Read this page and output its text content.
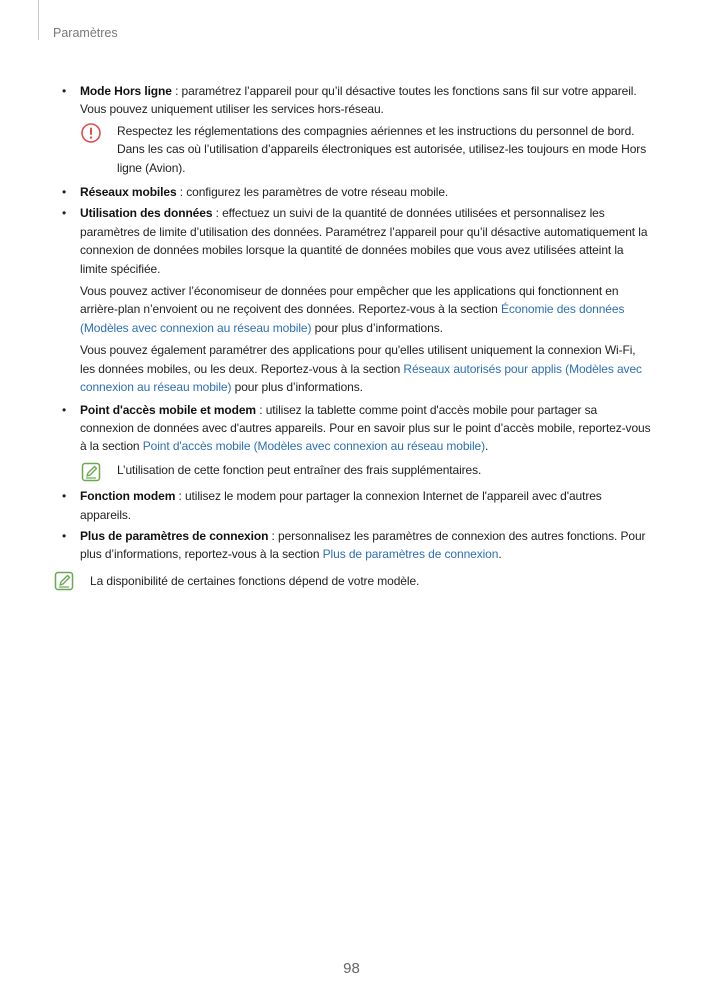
Paramètres
• Mode Hors ligne : paramétrez l’appareil pour qu’il désactive toutes les fonctions sans fil sur votre appareil. Vous pouvez uniquement utiliser les services hors-réseau.
Respectez les réglementations des compagnies aériennes et les instructions du personnel de bord. Dans les cas où l’utilisation d’appareils électroniques est autorisée, utilisez-les toujours en mode Hors ligne (Avion).
• Réseaux mobiles : configurez les paramètres de votre réseau mobile.
• Utilisation des données : effectuez un suivi de la quantité de données utilisées et personnalisez les paramètres de limite d’utilisation des données. Paramétrez l’appareil pour qu’il désactive automatiquement la connexion de données mobiles lorsque la quantité de données mobiles que vous avez utilisées atteint la limite spécifiée.
Vous pouvez activer l’économiseur de données pour empêcher que les applications qui fonctionnent en arrière-plan n’envoient ou ne reçoivent des données. Reportez-vous à la section Économie des données (Modèles avec connexion au réseau mobile) pour plus d’informations.
Vous pouvez également paramétrer des applications pour qu'elles utilisent uniquement la connexion Wi-Fi, les données mobiles, ou les deux. Reportez-vous à la section Réseaux autorisés pour applis (Modèles avec connexion au réseau mobile) pour plus d’informations.
• Point d'accès mobile et modem : utilisez la tablette comme point d'accès mobile pour partager sa connexion de données avec d'autres appareils. Pour en savoir plus sur le point d’accès mobile, reportez-vous à la section Point d'accès mobile (Modèles avec connexion au réseau mobile).
L’utilisation de cette fonction peut entraîner des frais supplémentaires.
• Fonction modem : utilisez le modem pour partager la connexion Internet de l'appareil avec d'autres appareils.
• Plus de paramètres de connexion : personnalisez les paramètres de connexion des autres fonctions. Pour plus d’informations, reportez-vous à la section Plus de paramètres de connexion.
La disponibilité de certaines fonctions dépend de votre modèle.
98
